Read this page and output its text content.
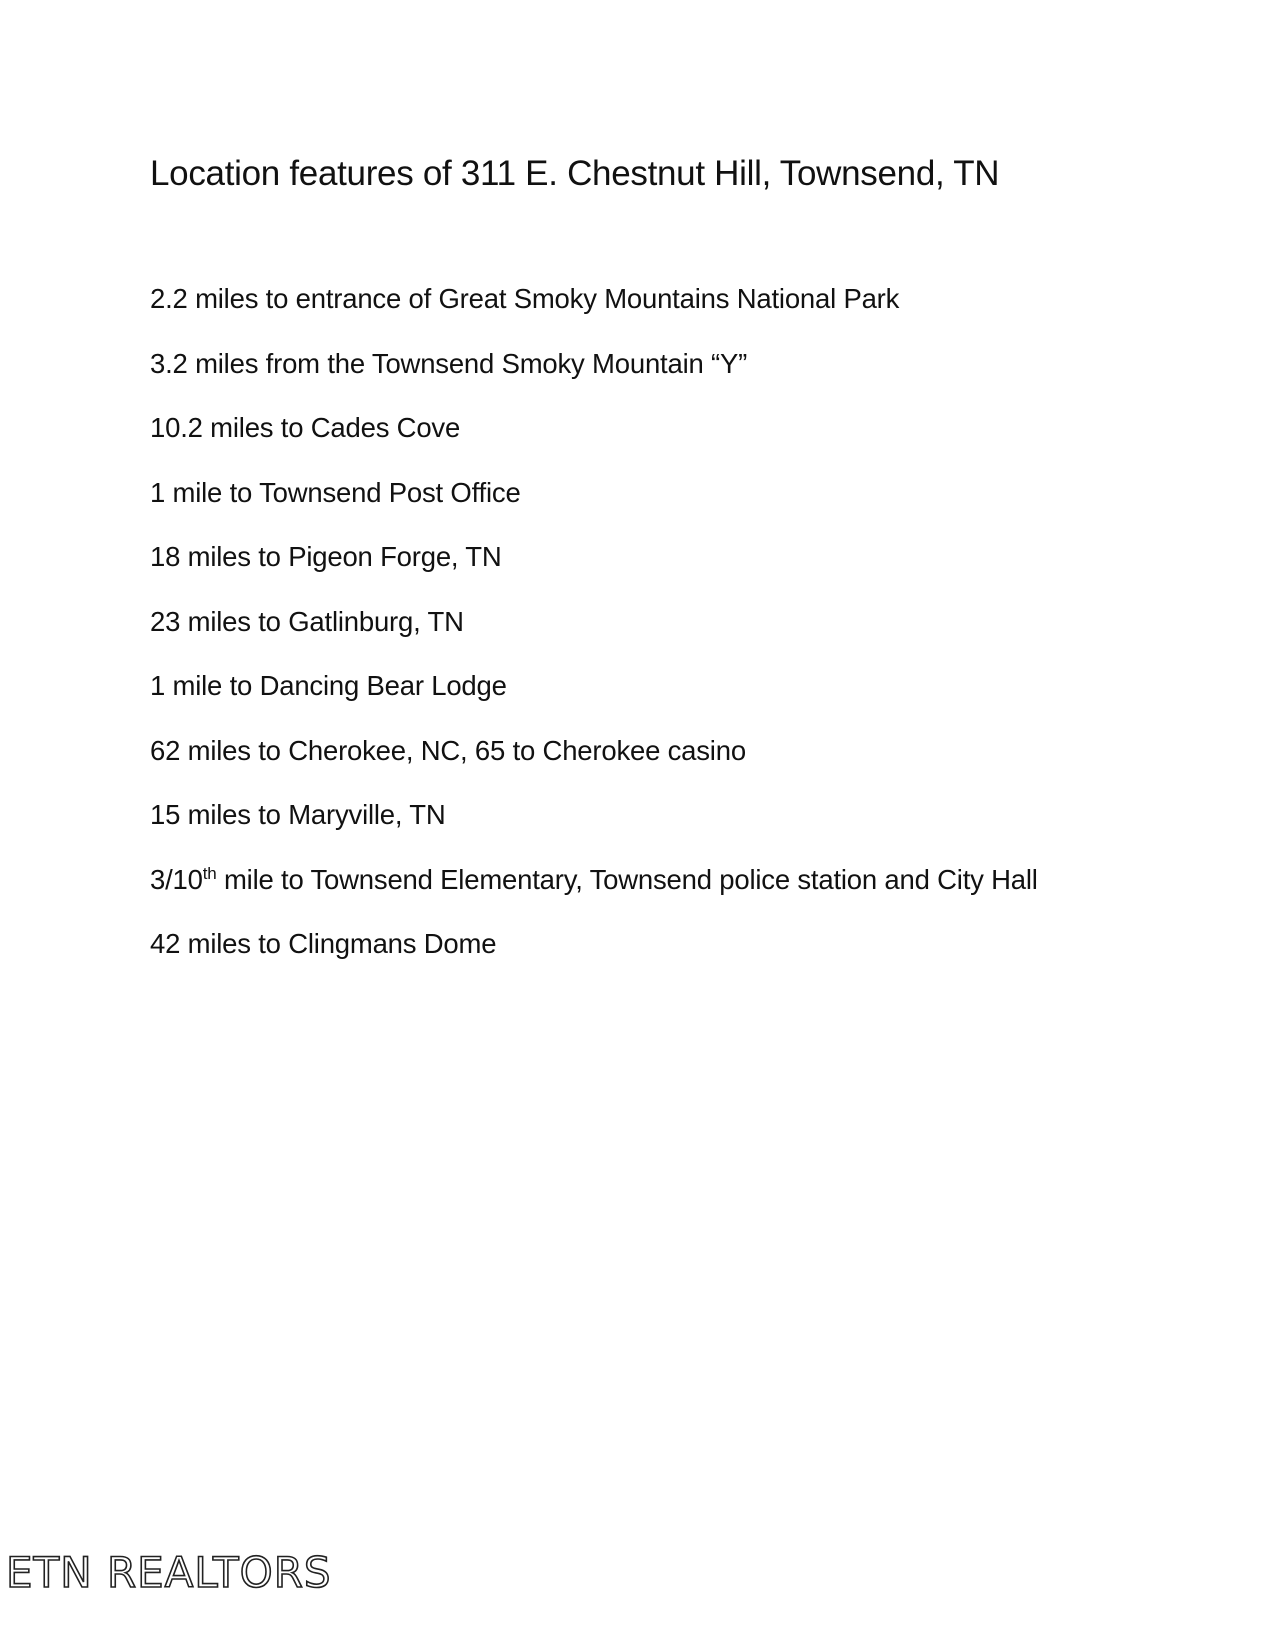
Location features of 311 E. Chestnut Hill, Townsend, TN
2.2 miles to entrance of Great Smoky Mountains National Park
3.2 miles from the Townsend Smoky Mountain “Y”
10.2 miles to Cades Cove
1 mile to Townsend Post Office
18 miles to Pigeon Forge, TN
23 miles to Gatlinburg, TN
1 mile to Dancing Bear Lodge
62 miles to Cherokee, NC, 65 to Cherokee casino
15 miles to Maryville, TN
3/10th mile to Townsend Elementary, Townsend police station and City Hall
42 miles to Clingmans Dome
ETN REALTORS
